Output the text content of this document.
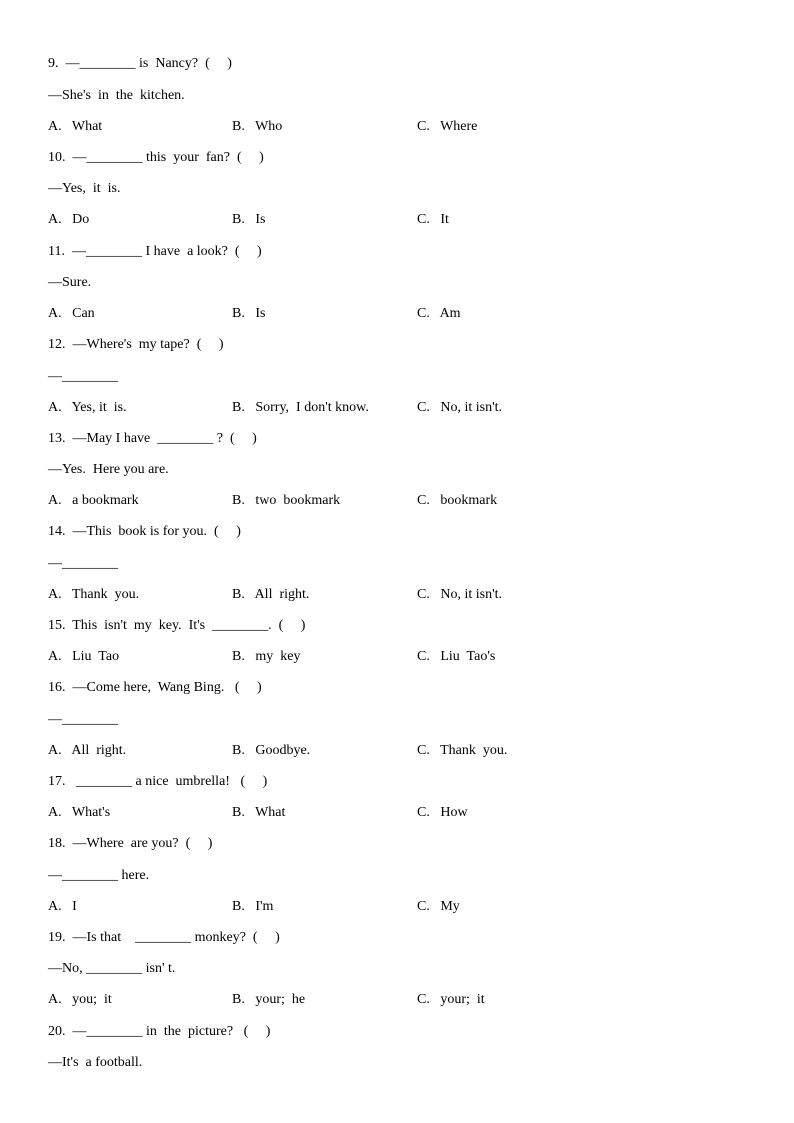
9.  —________ is  Nancy?  (     )
—She's  in  the  kitchen.
A.   What	B.   Who	C.   Where
10.  —________ this  your  fan?  (     )
—Yes,  it  is.
A.   Do	B.   Is	C.   It
11.  —________ I have  a look?  (     )
—Sure.
A.   Can	B.   Is	C.   Am
12.  —Where's  my tape?  (     )
—________
A.   Yes, it  is.	B.   Sorry,  I don't know.	C.   No, it isn't.
13.  —May I have  ________ ?  (     )
—Yes.  Here you are.
A.   a bookmark	B.   two  bookmark	C.   bookmark
14.  —This  book is for you.  (     )
—________
A.   Thank  you.	B.   All  right.	C.   No, it isn't.
15.  This  isn't  my  key.  It's  ________.  (     )
A.   Liu  Tao	B.   my  key	C.   Liu  Tao's
16.  —Come here,  Wang Bing.   (     )
—________
A.   All  right.	B.   Goodbye.	C.   Thank  you.
17.   ________ a nice  umbrella!   (     )
A.   What's	B.   What	C.   How
18.  —Where  are you?  (     )
—________ here.
A.   I	B.   I'm	C.   My
19.  —Is that    ________ monkey?  (     )
—No, ________ isn' t.
A.   you;  it	B.   your;  he	C.   your;  it
20.  —________ in  the  picture?   (     )
—It's  a football.
